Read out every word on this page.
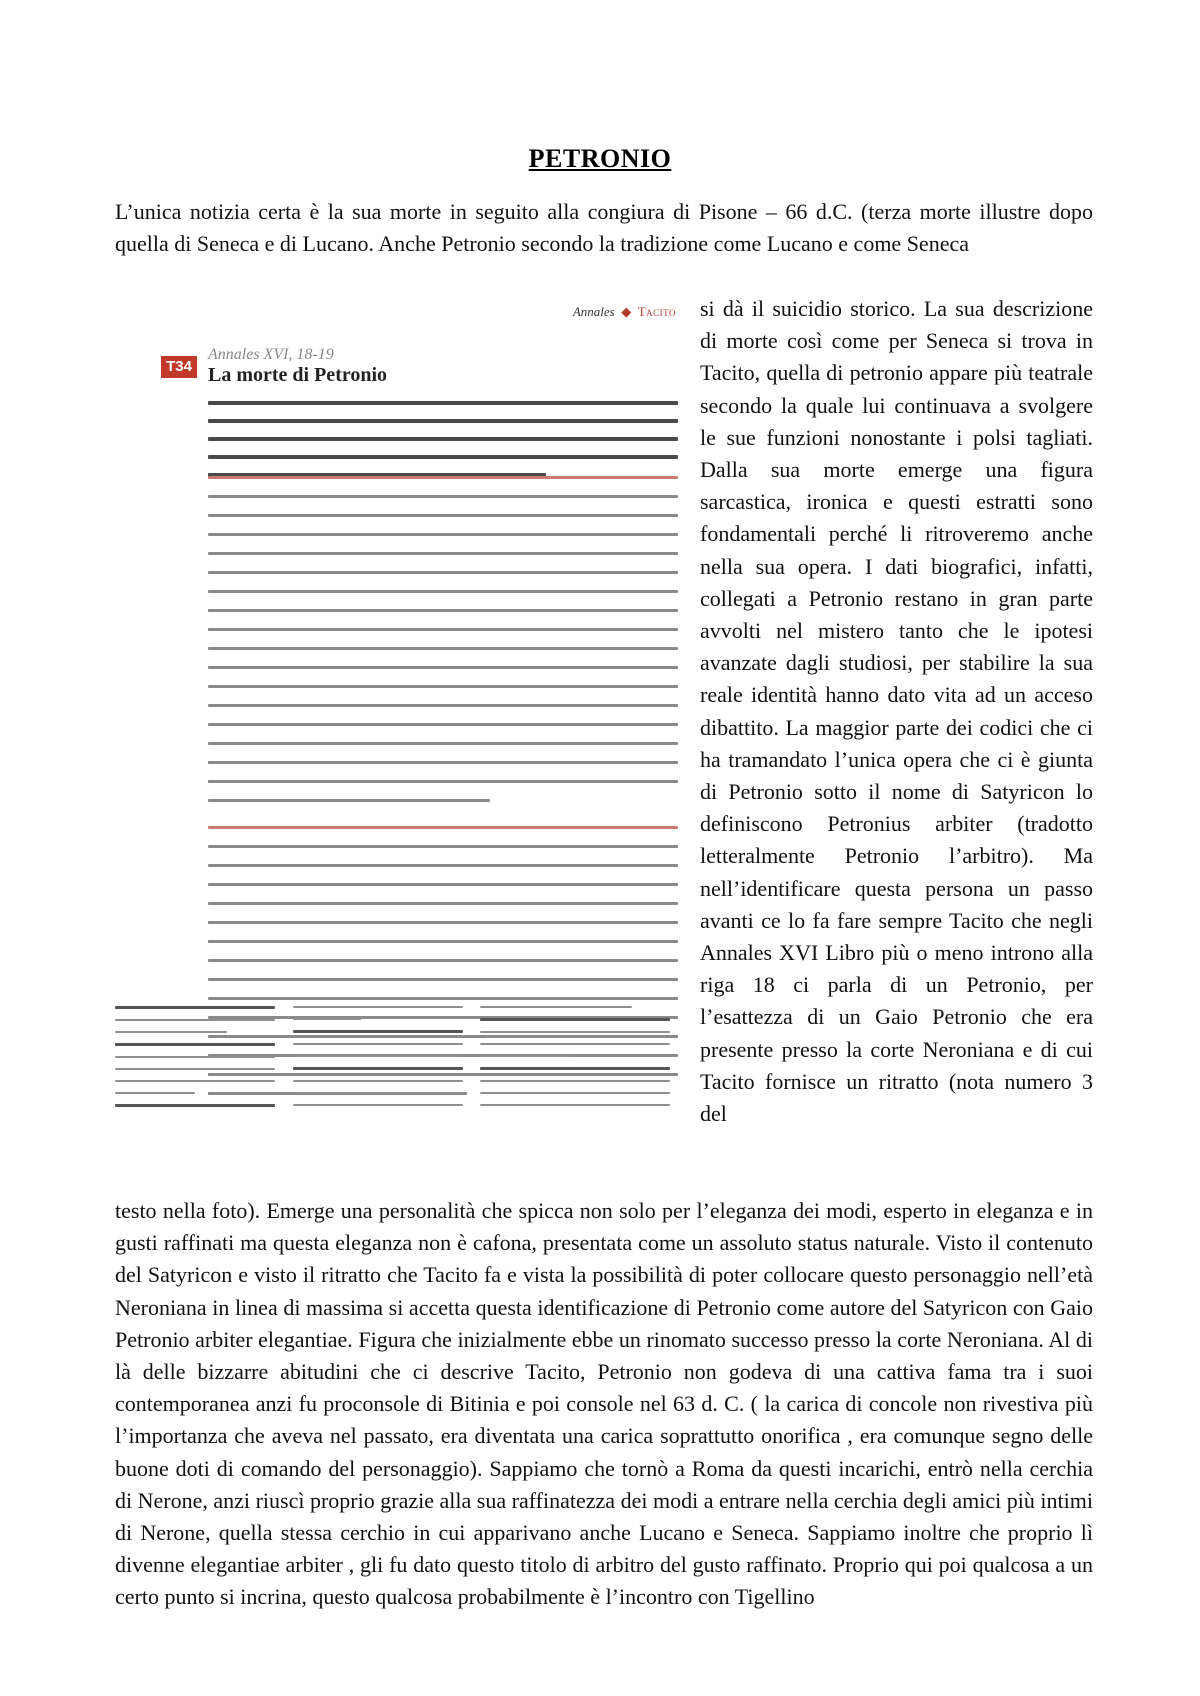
PETRONIO

L’unica notizia certa è la sua morte in seguito alla congiura di Pisone – 66 d.C. (terza morte illustre dopo quella di Seneca e di Lucano. Anche Petronio secondo la tradizione come Lucano e come Seneca

Annales  ◆  Tacito
T34
Annales XVI, 18-19
La morte di Petronio

si dà il suicidio storico. La sua descrizione di morte così come per Seneca si trova in Tacito, quella di petronio appare più teatrale secondo la quale lui continuava a svolgere le sue funzioni nonostante i polsi tagliati. Dalla sua morte emerge una figura sarcastica, ironica e questi estratti sono fondamentali perché li ritroveremo anche nella sua opera. I dati biografici, infatti, collegati a Petronio restano in gran parte avvolti nel mistero tanto che le ipotesi avanzate dagli studiosi, per stabilire la sua reale identità hanno dato vita ad un acceso dibattito. La maggior parte dei codici che ci ha tramandato l’unica opera che ci è giunta di Petronio sotto il nome di Satyricon lo definiscono Petronius arbiter (tradotto letteralmente Petronio l’arbitro). Ma nell’identificare questa persona un passo avanti ce lo fa fare sempre Tacito che negli Annales XVI Libro più o meno introno alla riga 18 ci parla di un Petronio, per l’esattezza di un Gaio Petronio che era presente presso la corte Neroniana e di cui Tacito fornisce un ritratto (nota numero 3 del

testo nella foto). Emerge una personalità che spicca non solo per l’eleganza dei modi, esperto in eleganza e in gusti raffinati ma questa eleganza non è cafona, presentata come un assoluto status naturale. Visto il contenuto del Satyricon e visto il ritratto che Tacito fa e vista la possibilità di poter collocare questo personaggio nell’età Neroniana in linea di massima si accetta questa identificazione di Petronio come autore del Satyricon con Gaio Petronio arbiter elegantiae. Figura che inizialmente ebbe un rinomato successo presso la corte Neroniana. Al di là delle bizzarre abitudini che ci descrive Tacito, Petronio non godeva di una cattiva fama tra i suoi contemporanea anzi fu proconsole di Bitinia e poi console nel 63 d. C. ( la carica di concole non rivestiva più l’importanza che aveva nel passato, era diventata una carica soprattutto onorifica , era comunque segno delle buone doti di comando del personaggio). Sappiamo che tornò a Roma da questi incarichi, entrò nella cerchia di Nerone, anzi riuscì proprio grazie alla sua raffinatezza dei modi a entrare nella cerchia degli amici più intimi di Nerone, quella stessa cerchio in cui apparivano anche Lucano e Seneca. Sappiamo inoltre che proprio lì divenne elegantiae arbiter , gli fu dato questo titolo di arbitro del gusto raffinato. Proprio qui poi qualcosa a un certo punto si incrina, questo qualcosa probabilmente è l’incontro con Tigellino
